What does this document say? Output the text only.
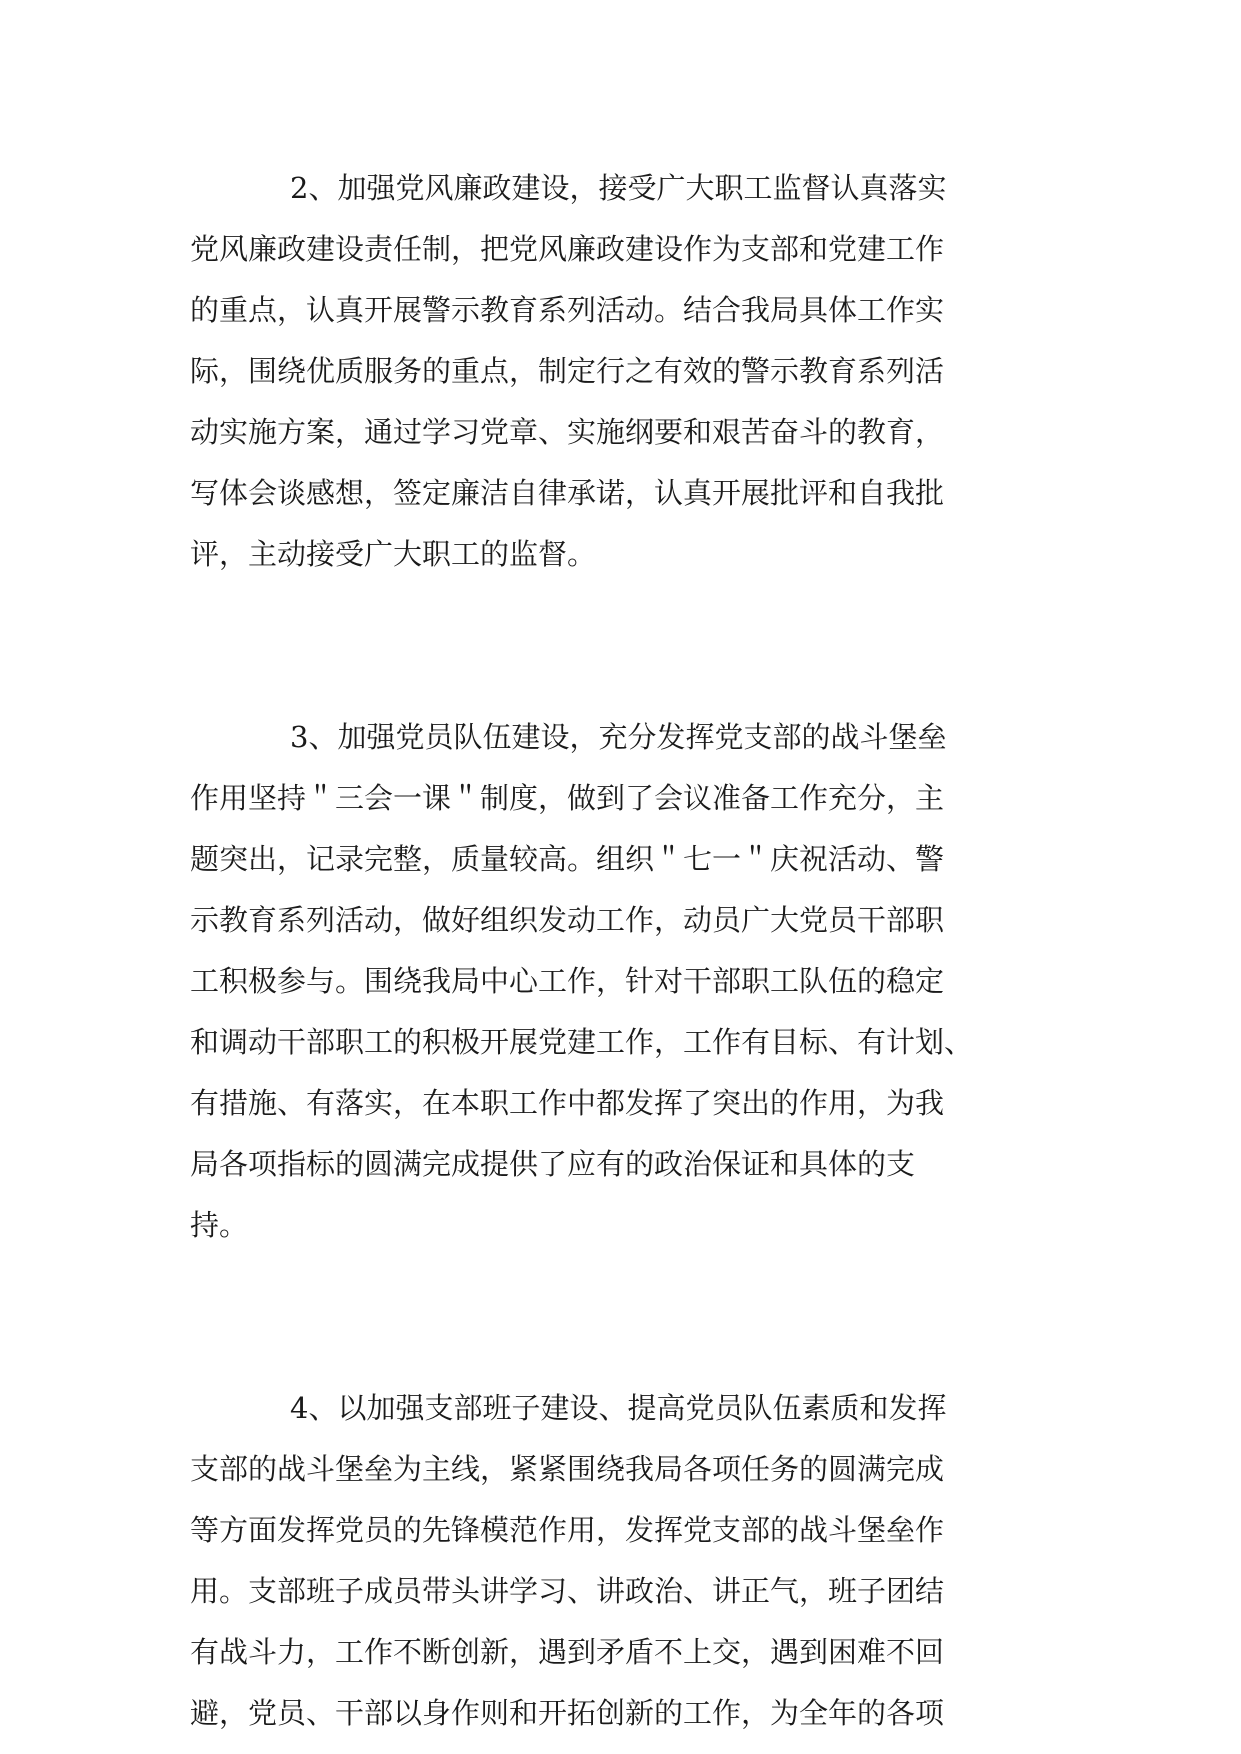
2、加强党风廉政建设，接受广大职工监督认真落实
党风廉政建设责任制，把党风廉政建设作为支部和党建工作
的重点，认真开展警示教育系列活动。结合我局具体工作实
际，围绕优质服务的重点，制定行之有效的警示教育系列活
动实施方案，通过学习党章、实施纲要和艰苦奋斗的教育，
写体会谈感想，签定廉洁自律承诺，认真开展批评和自我批
评，主动接受广大职工的监督。
3、加强党员队伍建设，充分发挥党支部的战斗堡垒
作用坚持＂三会一课＂制度，做到了会议准备工作充分，主
题突出，记录完整，质量较高。组织＂七一＂庆祝活动、警
示教育系列活动，做好组织发动工作，动员广大党员干部职
工积极参与。围绕我局中心工作，针对干部职工队伍的稳定
和调动干部职工的积极开展党建工作，工作有目标、有计划、
有措施、有落实，在本职工作中都发挥了突出的作用，为我
局各项指标的圆满完成提供了应有的政治保证和具体的支
持。
4、以加强支部班子建设、提高党员队伍素质和发挥
支部的战斗堡垒为主线，紧紧围绕我局各项任务的圆满完成
等方面发挥党员的先锋模范作用，发挥党支部的战斗堡垒作
用。支部班子成员带头讲学习、讲政治、讲正气，班子团结
有战斗力，工作不断创新，遇到矛盾不上交，遇到困难不回
避，党员、干部以身作则和开拓创新的工作，为全年的各项
